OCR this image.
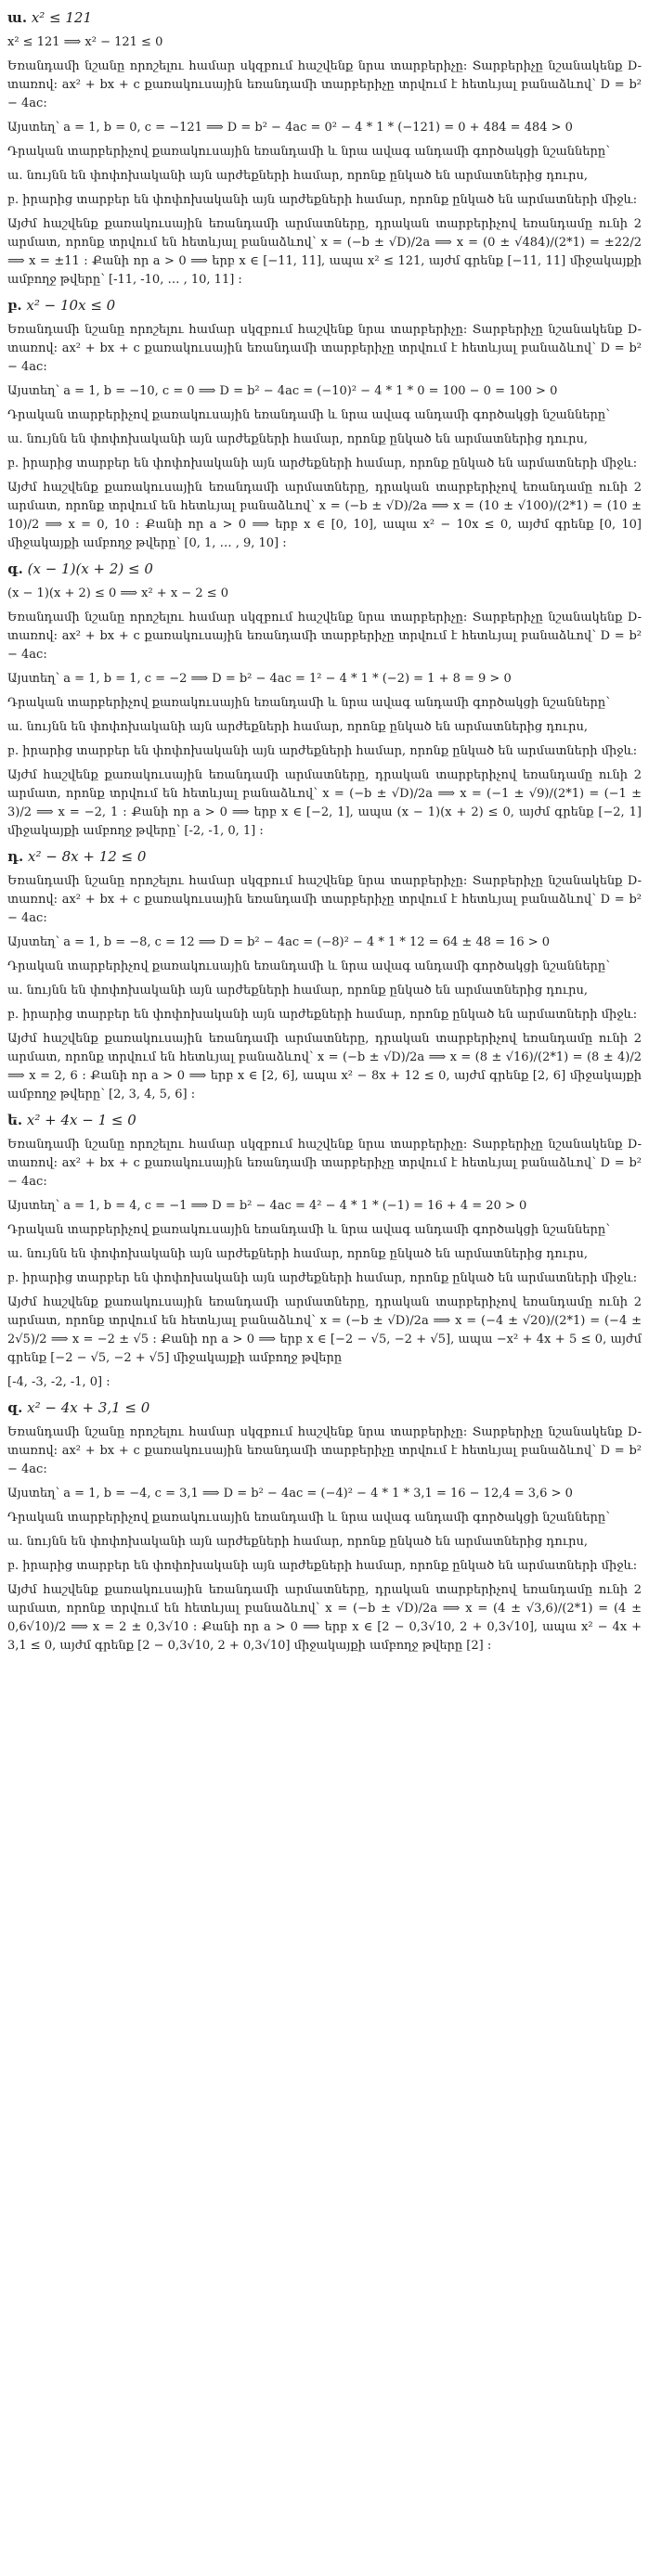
ա. x² ≤ 121

x² ≤ 121 ⟹ x² − 121 ≤ 0

Եռանդամի նշանը որոշելու համար սկզբում հաշվենք նրա տարբերիչը: Տարբերիչը նշանակենք D-տառով: ax² + bx + c քառակուսային եռանդամի տարբերիչը տրվում է հետևյալ բանաձևով՝ D = b² − 4ac:

Այստեղ՝ a = 1, b = 0, c = −121 ⟹ D = b² − 4ac = 0² − 4 * 1 * (−121) = 0 + 484 = 484 > 0

Դրական տարբերիչով քառակուսային եռանդամի և նրա ավագ անդամի գործակցի նշանները՝

ա. նույնն են փոփոխականի այն արժեքների համար, որոնք ընկած են արմատներից դուրս,

բ. իրարից տարբեր են փոփոխականի այն արժեքների համար, որոնք ընկած են արմատների միջև:

Այժմ հաշվենք քառակուսային եռանդամի արմատները, դրական տարբերիչով եռանդամը ունի 2 արմատ, որոնք տրվում են հետևյալ բանաձևով՝ x = (−b ± √D)/2a ⟹ x = (0 ± √484)/(2*1) = ±22/2 ⟹ x = ±11 : Քանի որ a > 0 ⟹ երբ x ∈ [−11, 11], ապա x² ≤ 121, այժմ գրենք [−11, 11] միջակայքի ամբողջ թվերը՝ [-11, -10, … , 10, 11] :

բ. x² − 10x ≤ 0

Եռանդամի նշանը որոշելու համար սկզբում հաշվենք նրա տարբերիչը: Տարբերիչը նշանակենք D-տառով: ax² + bx + c քառակուսային եռանդամի տարբերիչը տրվում է հետևյալ բանաձևով՝ D = b² − 4ac:

Այստեղ՝ a = 1, b = −10, c = 0 ⟹ D = b² − 4ac = (−10)² − 4 * 1 * 0 = 100 − 0 = 100 > 0

Դրական տարբերիչով քառակուսային եռանդամի և նրա ավագ անդամի գործակցի նշանները՝

ա. նույնն են փոփոխականի այն արժեքների համար, որոնք ընկած են արմատներից դուրս,

բ. իրարից տարբեր են փոփոխականի այն արժեքների համար, որոնք ընկած են արմատների միջև:

Այժմ հաշվենք քառակուսային եռանդամի արմատները, դրական տարբերիչով եռանդամը ունի 2 արմատ, որոնք տրվում են հետևյալ բանաձևով՝ x = (−b ± √D)/2a ⟹ x = (10 ± √100)/(2*1) = (10 ± 10)/2 ⟹ x = 0, 10 : Քանի որ a > 0 ⟹ երբ x ∈ [0, 10], ապա x² − 10x ≤ 0, այժմ գրենք [0, 10] միջակայքի ամբողջ թվերը՝ [0, 1, … , 9, 10] :

գ. (x − 1)(x + 2) ≤ 0

(x − 1)(x + 2) ≤ 0 ⟹ x² + x − 2 ≤ 0

Եռանդամի նշանը որոշելու համար սկզբում հաշվենք նրա տարբերիչը: Տարբերիչը նշանակենք D-տառով: ax² + bx + c քառակուսային եռանդամի տարբերիչը տրվում է հետևյալ բանաձևով՝ D = b² − 4ac:

Այստեղ՝ a = 1, b = 1, c = −2 ⟹ D = b² − 4ac = 1² − 4 * 1 * (−2) = 1 + 8 = 9 > 0

Դրական տարբերիչով քառակուսային եռանդամի և նրա ավագ անդամի գործակցի նշանները՝

ա. նույնն են փոփոխականի այն արժեքների համար, որոնք ընկած են արմատներից դուրս,

բ. իրարից տարբեր են փոփոխականի այն արժեքների համար, որոնք ընկած են արմատների միջև:

Այժմ հաշվենք քառակուսային եռանդամի արմատները, դրական տարբերիչով եռանդամը ունի 2 արմատ, որոնք տրվում են հետևյալ բանաձևով՝ x = (−b ± √D)/2a ⟹ x = (−1 ± √9)/(2*1) = (−1 ± 3)/2 ⟹ x = −2, 1 : Քանի որ a > 0 ⟹ երբ x ∈ [−2, 1], ապա (x − 1)(x + 2) ≤ 0, այժմ գրենք [−2, 1] միջակայքի ամբողջ թվերը՝ [-2, -1, 0, 1] :

դ. x² − 8x + 12 ≤ 0

Եռանդամի նշանը որոշելու համար սկզբում հաշվենք նրա տարբերիչը: Տարբերիչը նշանակենք D-տառով: ax² + bx + c քառակուսային եռանդամի տարբերիչը տրվում է հետևյալ բանաձևով՝ D = b² − 4ac:

Այստեղ՝ a = 1, b = −8, c = 12 ⟹ D = b² − 4ac = (−8)² − 4 * 1 * 12 = 64 ± 48 = 16 > 0

Դրական տարբերիչով քառակուսային եռանդամի և նրա ավագ անդամի գործակցի նշանները՝

ա. նույնն են փոփոխականի այն արժեքների համար, որոնք ընկած են արմատներից դուրս,

բ. իրարից տարբեր են փոփոխականի այն արժեքների համար, որոնք ընկած են արմատների միջև:

Այժմ հաշվենք քառակուսային եռանդամի արմատները, դրական տարբերիչով եռանդամը ունի 2 արմատ, որոնք տրվում են հետևյալ բանաձևով՝ x = (−b ± √D)/2a ⟹ x = (8 ± √16)/(2*1) = (8 ± 4)/2 ⟹ x = 2, 6 : Քանի որ a > 0 ⟹ երբ x ∈ [2, 6], ապա x² − 8x + 12 ≤ 0, այժմ գրենք [2, 6] միջակայքի ամբողջ թվերը՝ [2, 3, 4, 5, 6] :

ե. x² + 4x − 1 ≤ 0

Եռանդամի նշանը որոշելու համար սկզբում հաշվենք նրա տարբերիչը: Տարբերիչը նշանակենք D-տառով: ax² + bx + c քառակուսային եռանդամի տարբերիչը տրվում է հետևյալ բանաձևով՝ D = b² − 4ac:

Այստեղ՝ a = 1, b = 4, c = −1 ⟹ D = b² − 4ac = 4² − 4 * 1 * (−1) = 16 + 4 = 20 > 0

Դրական տարբերիչով քառակուսային եռանդամի և նրա ավագ անդամի գործակցի նշանները՝

ա. նույնն են փոփոխականի այն արժեքների համար, որոնք ընկած են արմատներից դուրս,

բ. իրարից տարբեր են փոփոխականի այն արժեքների համար, որոնք ընկած են արմատների միջև:

Այժմ հաշվենք քառակուսային եռանդամի արմատները, դրական տարբերիչով եռանդամը ունի 2 արմատ, որոնք տրվում են հետևյալ բանաձևով՝ x = (−b ± √D)/2a ⟹ x = (−4 ± √20)/(2*1) = (−4 ± 2√5)/2 ⟹ x = −2 ± √5 : Քանի որ a > 0 ⟹ երբ x ∈ [−2 − √5, −2 + √5], ապա −x² + 4x + 5 ≤ 0, այժմ գրենք [−2 − √5, −2 + √5] միջակայքի ամբողջ թվերը

[-4, -3, -2, -1, 0] :

զ. x² − 4x + 3,1 ≤ 0

Եռանդամի նշանը որոշելու համար սկզբում հաշվենք նրա տարբերիչը: Տարբերիչը նշանակենք D-տառով: ax² + bx + c քառակուսային եռանդամի տարբերիչը տրվում է հետևյալ բանաձևով՝ D = b² − 4ac:

Այստեղ՝ a = 1, b = −4, c = 3,1 ⟹ D = b² − 4ac = (−4)² − 4 * 1 * 3,1 = 16 − 12,4 = 3,6 > 0

Դրական տարբերիչով քառակուսային եռանդամի և նրա ավագ անդամի գործակցի նշանները՝

ա. նույնն են փոփոխականի այն արժեքների համար, որոնք ընկած են արմատներից դուրս,

բ. իրարից տարբեր են փոփոխականի այն արժեքների համար, որոնք ընկած են արմատների միջև:

Այժմ հաշվենք քառակուսային եռանդամի արմատները, դրական տարբերիչով եռանդամը ունի 2 արմատ, որոնք տրվում են հետևյալ բանաձևով՝ x = (−b ± √D)/2a ⟹ x = (4 ± √3,6)/(2*1) = (4 ± 0,6√10)/2 ⟹ x = 2 ± 0,3√10 : Քանի որ a > 0 ⟹ երբ x ∈ [2 − 0,3√10, 2 + 0,3√10], ապա x² − 4x + 3,1 ≤ 0, այժմ գրենք [2 − 0,3√10, 2 + 0,3√10] միջակայքի ամբողջ թվերը [2] :
